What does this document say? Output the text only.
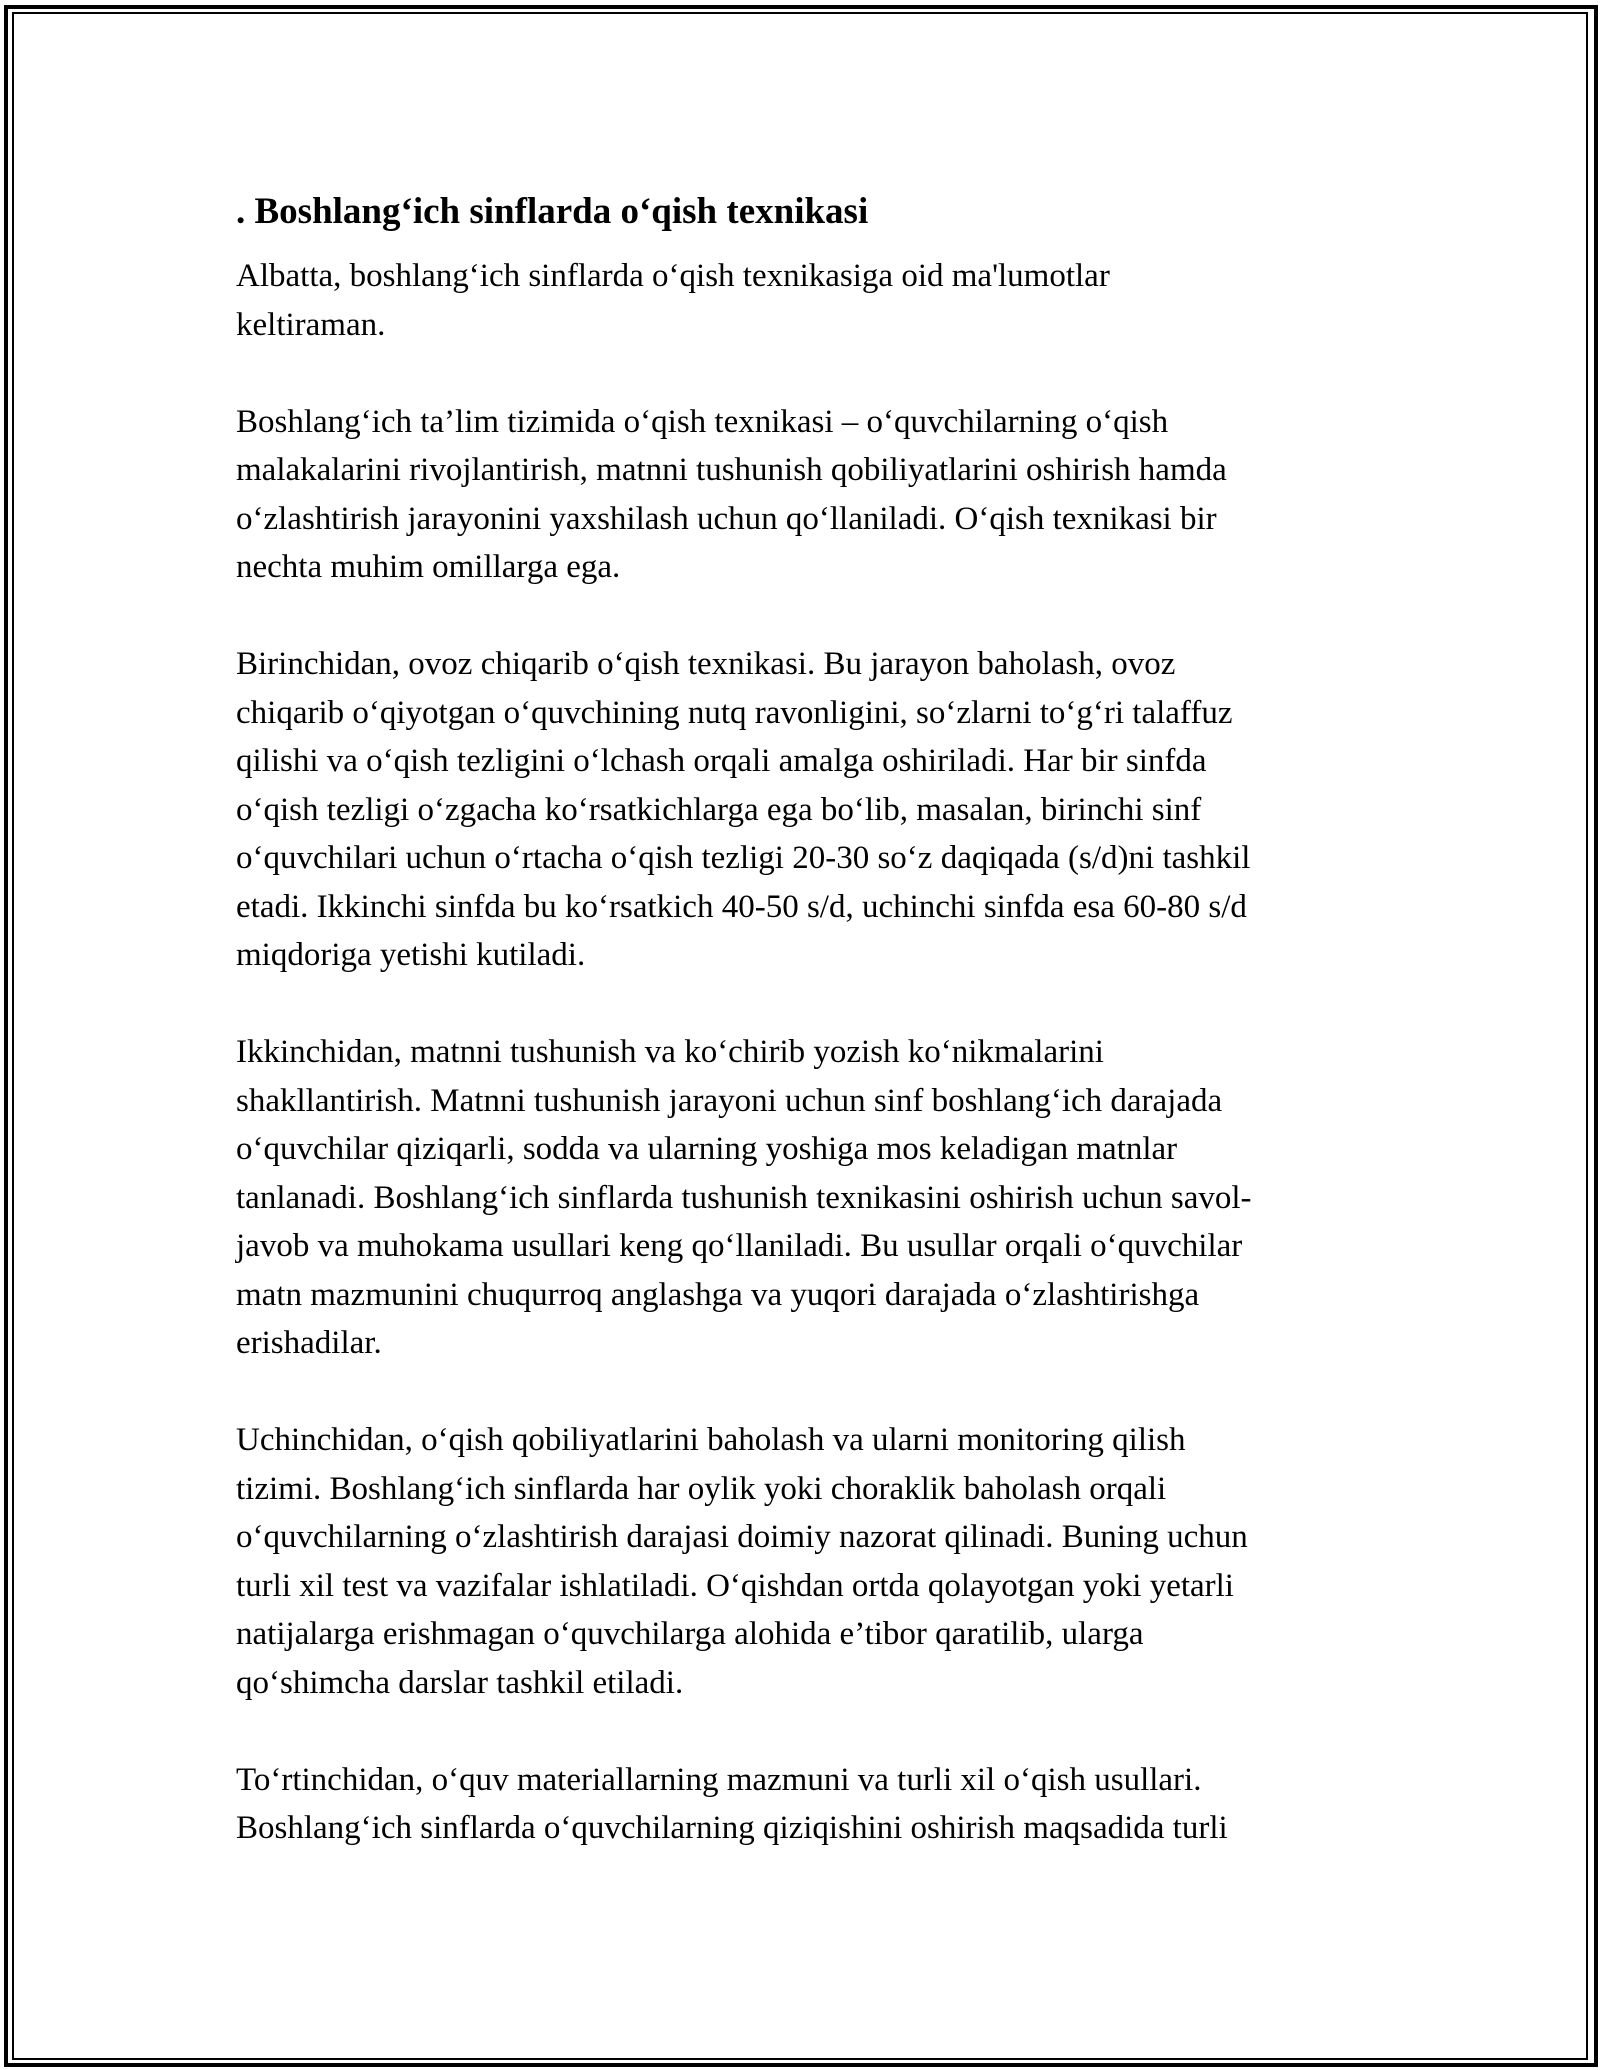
. Boshlang‘ich sinflarda o‘qish texnikasi

Albatta, boshlang‘ich sinflarda o‘qish texnikasiga oid ma'lumotlar
keltiraman.

Boshlang‘ich ta’lim tizimida o‘qish texnikasi – o‘quvchilarning o‘qish
malakalarini rivojlantirish, matnni tushunish qobiliyatlarini oshirish hamda
o‘zlashtirish jarayonini yaxshilash uchun qo‘llaniladi. O‘qish texnikasi bir
nechta muhim omillarga ega.

Birinchidan, ovoz chiqarib o‘qish texnikasi. Bu jarayon baholash, ovoz
chiqarib o‘qiyotgan o‘quvchining nutq ravonligini, so‘zlarni to‘g‘ri talaffuz
qilishi va o‘qish tezligini o‘lchash orqali amalga oshiriladi. Har bir sinfda
o‘qish tezligi o‘zgacha ko‘rsatkichlarga ega bo‘lib, masalan, birinchi sinf
o‘quvchilari uchun o‘rtacha o‘qish tezligi 20-30 so‘z daqiqada (s/d)ni tashkil
etadi. Ikkinchi sinfda bu ko‘rsatkich 40-50 s/d, uchinchi sinfda esa 60-80 s/d
miqdoriga yetishi kutiladi.

Ikkinchidan, matnni tushunish va ko‘chirib yozish ko‘nikmalarini
shakllantirish. Matnni tushunish jarayoni uchun sinf boshlang‘ich darajada
o‘quvchilar qiziqarli, sodda va ularning yoshiga mos keladigan matnlar
tanlanadi. Boshlang‘ich sinflarda tushunish texnikasini oshirish uchun savol-
javob va muhokama usullari keng qo‘llaniladi. Bu usullar orqali o‘quvchilar
matn mazmunini chuqurroq anglashga va yuqori darajada o‘zlashtirishga
erishadilar.

Uchinchidan, o‘qish qobiliyatlarini baholash va ularni monitoring qilish
tizimi. Boshlang‘ich sinflarda har oylik yoki choraklik baholash orqali
o‘quvchilarning o‘zlashtirish darajasi doimiy nazorat qilinadi. Buning uchun
turli xil test va vazifalar ishlatiladi. O‘qishdan ortda qolayotgan yoki yetarli
natijalarga erishmagan o‘quvchilarga alohida e’tibor qaratilib, ularga
qo‘shimcha darslar tashkil etiladi.

To‘rtinchidan, o‘quv materiallarning mazmuni va turli xil o‘qish usullari.
Boshlang‘ich sinflarda o‘quvchilarning qiziqishini oshirish maqsadida turli
